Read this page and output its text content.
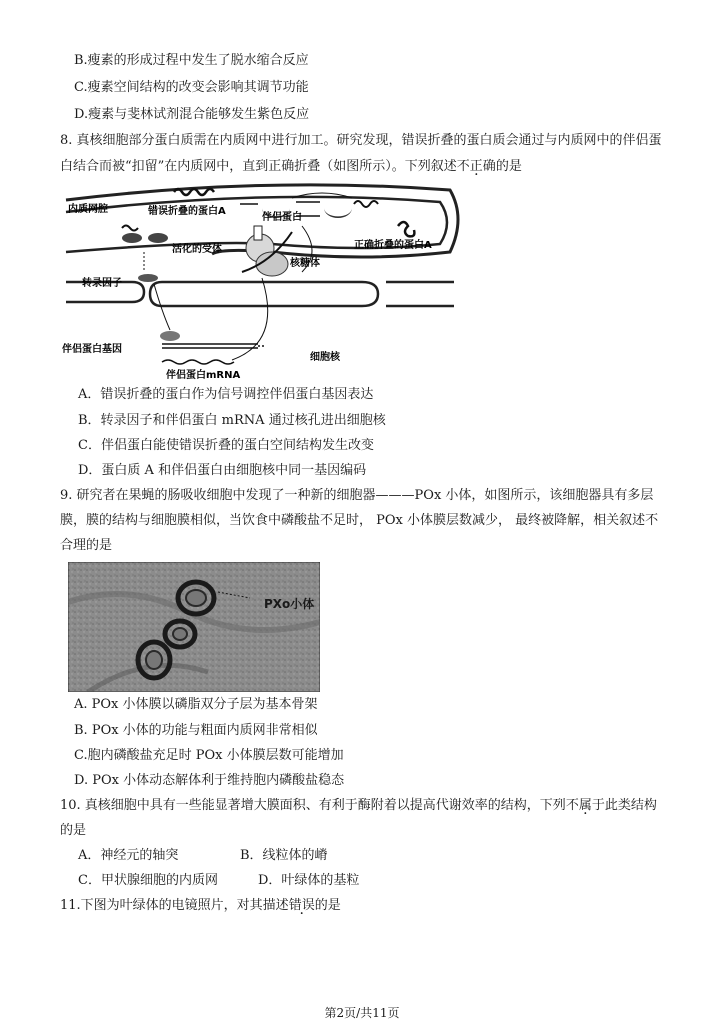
B.瘦素的形成过程中发生了脱水缩合反应
C.瘦素空间结构的改变会影响其调节功能
D.瘦素与斐林试剂混合能够发生紫色反应
8. 真核细胞部分蛋白质需在内质网中进行加工。研究发现，错误折叠的蛋白质会通过与内质网中的伴侣蛋
白结合而被“扣留”在内质网中，直到正确折叠（如图所示）。下列叙述不正确的是
内质网腔	错误折叠的蛋白A
伴侣蛋白
正确折叠的蛋白A
活化的受体
核糖体
转录因子
伴侣蛋白基因
伴侣蛋白mRNA
细胞核
A．错误折叠的蛋白作为信号调控伴侣蛋白基因表达
B．转录因子和伴侣蛋白 mRNA 通过核孔进出细胞核
C．伴侣蛋白能使错误折叠的蛋白空间结构发生改变
D．蛋白质 A 和伴侣蛋白由细胞核中同一基因编码
9. 研究者在果蝇的肠吸收细胞中发现了一种新的细胞器———POx 小体，如图所示，该细胞器具有多层
膜，膜的结构与细胞膜相似，当饮食中磷酸盐不足时， POx 小体膜层数减少， 最终被降解，相关叙述不
合理的是
PXo小体
A. POx 小体膜以磷脂双分子层为基本骨架
B. POx 小体的功能与粗面内质网非常相似
C.胞内磷酸盐充足时 POx 小体膜层数可能增加
D. POx 小体动态解体利于维持胞内磷酸盐稳态
10. 真核细胞中具有一些能显著增大膜面积、有利于酶附着以提高代谢效率的结构，下列不属于此类结构
的是
A．神经元的轴突	B．线粒体的嵴
C．甲状腺细胞的内质网	D．叶绿体的基粒
11.下图为叶绿体的电镜照片，对其描述错误的是
第2页/共11页
